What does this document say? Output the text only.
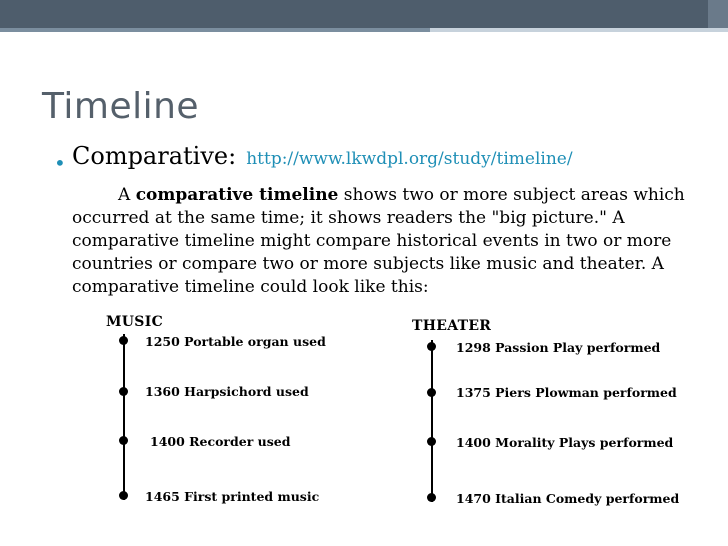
Timeline
• Comparative: http://www.lkwdpl.org/study/timeline/

A comparative timeline shows two or more subject areas which occurred at the same time; it shows readers the "big picture." A comparative timeline might compare historical events in two or more countries or compare two or more subjects like music and theater. A comparative timeline could look like this:

MUSIC
1250 Portable organ used
1360 Harpsichord used
1400 Recorder used
1465 First printed music
THEATER
1298 Passion Play performed
1375 Piers Plowman performed
1400 Morality Plays performed
1470 Italian Comedy performed
